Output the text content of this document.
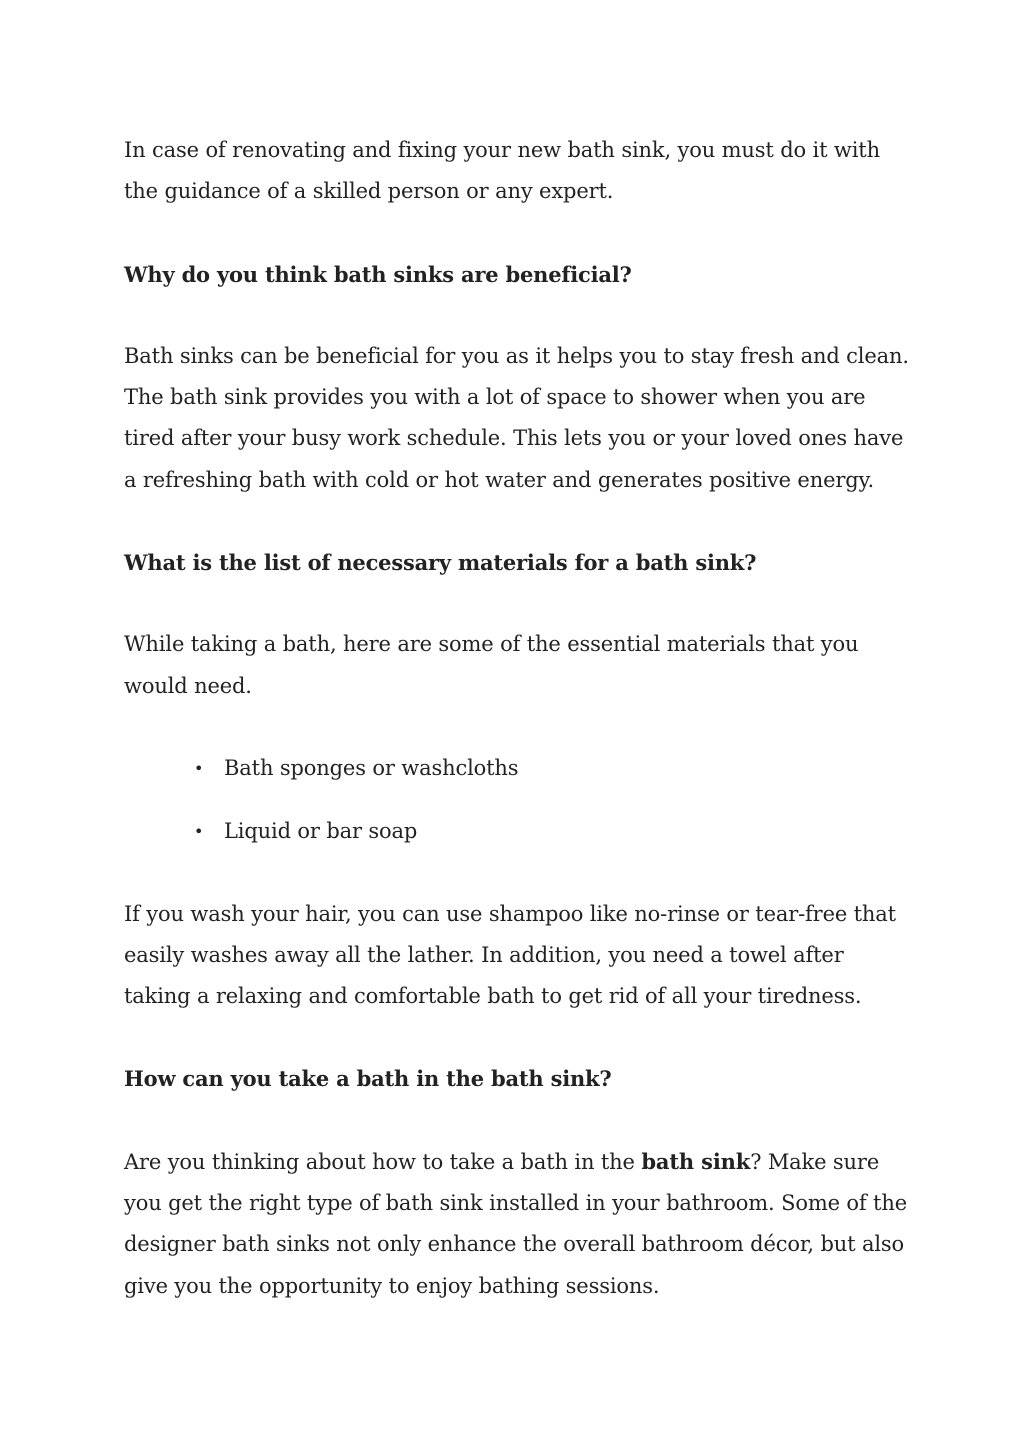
In case of renovating and fixing your new bath sink, you must do it with the guidance of a skilled person or any expert.

Why do you think bath sinks are beneficial?

Bath sinks can be beneficial for you as it helps you to stay fresh and clean. The bath sink provides you with a lot of space to shower when you are tired after your busy work schedule. This lets you or your loved ones have a refreshing bath with cold or hot water and generates positive energy.

What is the list of necessary materials for a bath sink?

While taking a bath, here are some of the essential materials that you would need.

• Bath sponges or washcloths
• Liquid or bar soap

If you wash your hair, you can use shampoo like no-rinse or tear-free that easily washes away all the lather. In addition, you need a towel after taking a relaxing and comfortable bath to get rid of all your tiredness.

How can you take a bath in the bath sink?

Are you thinking about how to take a bath in the bath sink? Make sure you get the right type of bath sink installed in your bathroom. Some of the designer bath sinks not only enhance the overall bathroom décor, but also give you the opportunity to enjoy bathing sessions.
